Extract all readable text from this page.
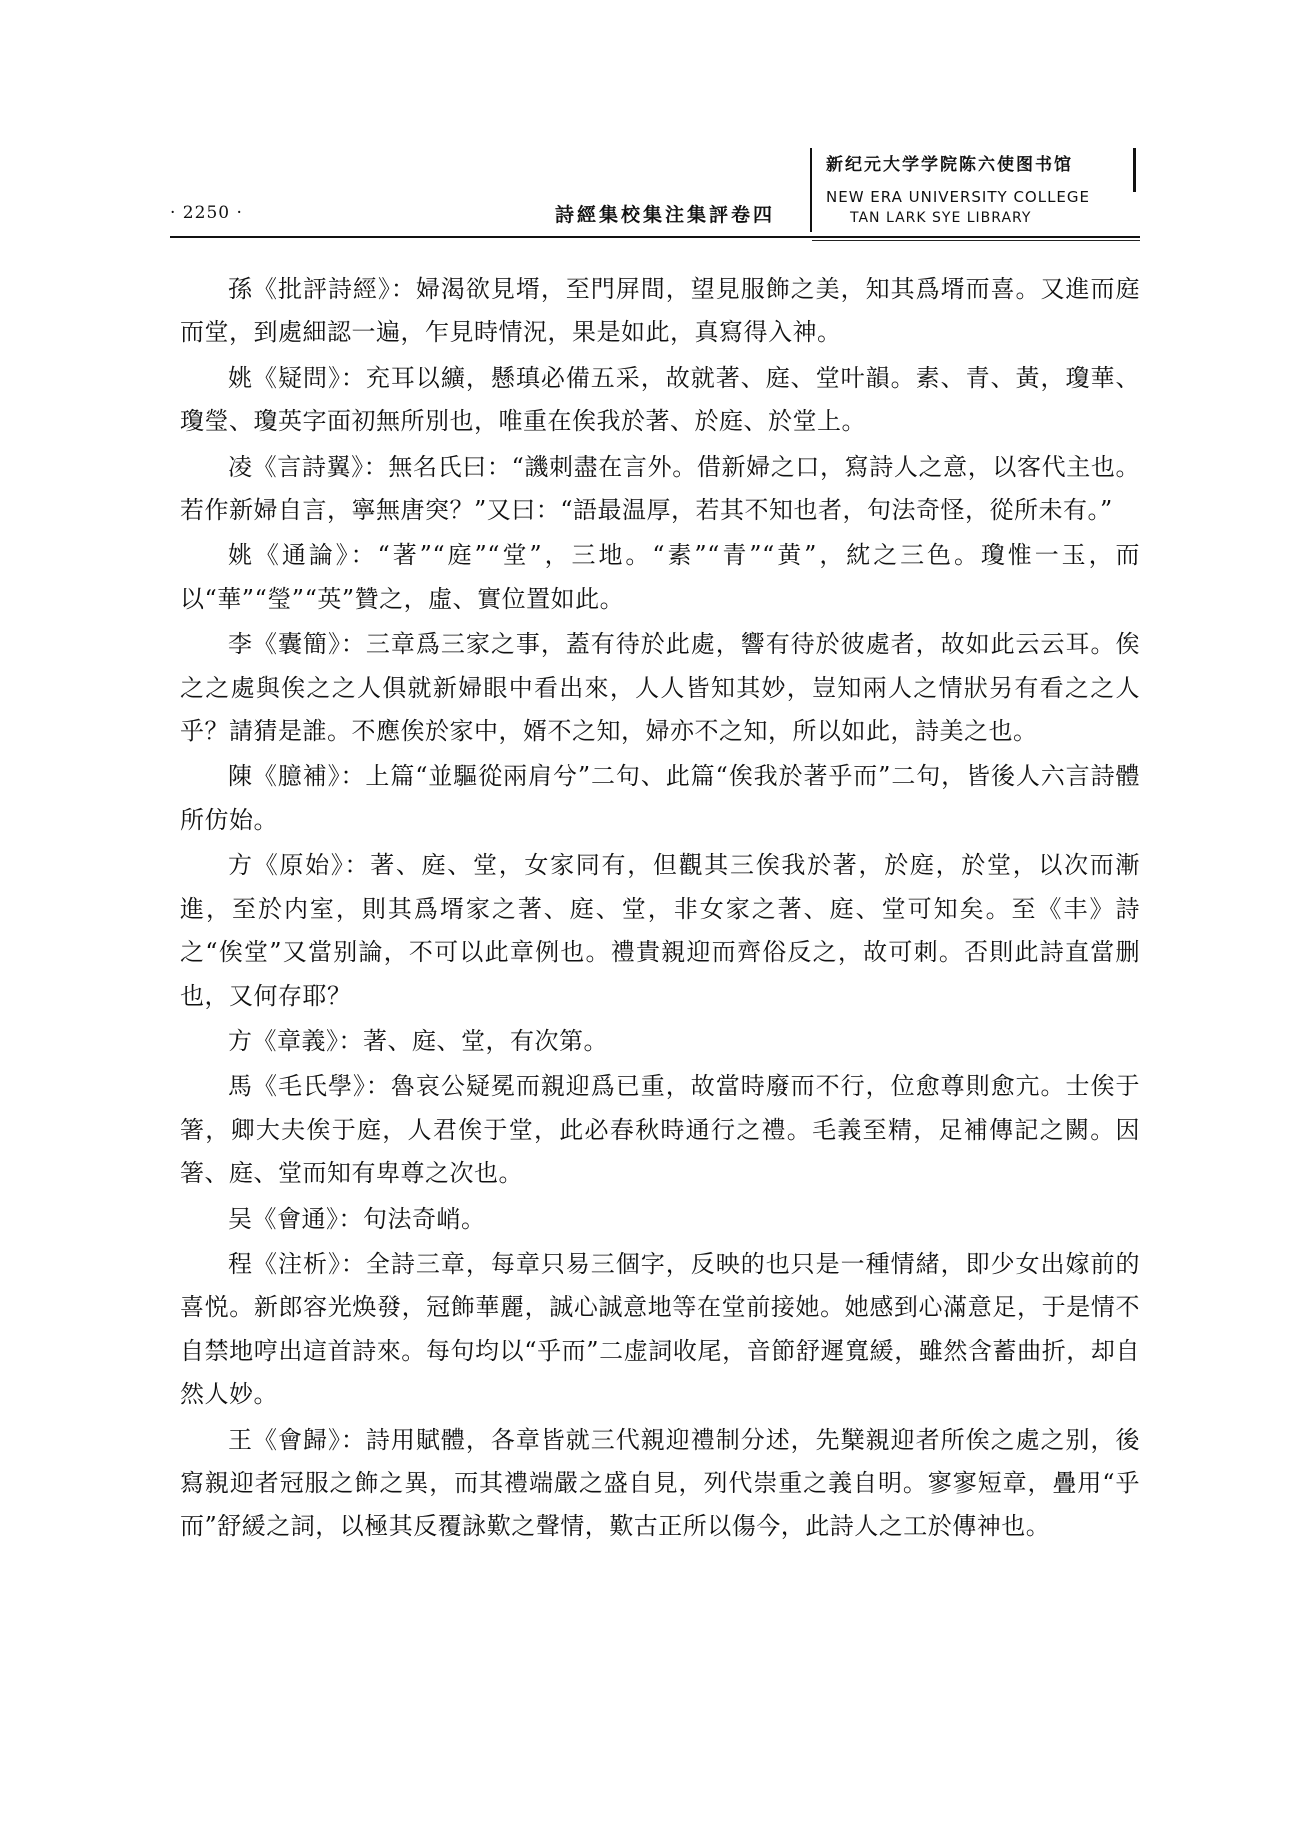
· 2250 ·	詩經集校集注集評卷四
新纪元大学学院陈六使图书馆
NEW ERA UNIVERSITY COLLEGE
TAN LARK SYE LIBRARY

孫《批評詩經》：婦渴欲見壻，至門屏間，望見服飾之美，知其爲壻而喜。又進而庭而堂，到處細認一遍，乍見時情況，果是如此，真寫得入神。

姚《疑問》：充耳以纊，懸瑱必備五采，故就著、庭、堂叶韻。素、青、黃，瓊華、瓊瑩、瓊英字面初無所別也，唯重在俟我於著、於庭、於堂上。

凌《言詩翼》：無名氏曰：“譏刺盡在言外。借新婦之口，寫詩人之意，以客代主也。若作新婦自言，寧無唐突？”又曰：“語最温厚，若其不知也者，句法奇怪，從所未有。”

姚《通論》：“著”“庭”“堂”，三地。“素”“青”“黄”，紞之三色。瓊惟一玉，而以“華”“瑩”“英”贊之，虛、實位置如此。

李《囊簡》：三章爲三家之事，蓋有待於此處，響有待於彼處者，故如此云云耳。俟之之處與俟之之人俱就新婦眼中看出來，人人皆知其妙，豈知兩人之情狀另有看之之人乎？請猜是誰。不應俟於家中，婿不之知，婦亦不之知，所以如此，詩美之也。

陳《臆補》：上篇“並驅從兩肩兮”二句、此篇“俟我於著乎而”二句，皆後人六言詩體所仿始。

方《原始》：著、庭、堂，女家同有，但觀其三俟我於著，於庭，於堂，以次而漸進，至於内室，則其爲壻家之著、庭、堂，非女家之著、庭、堂可知矣。至《丰》詩之“俟堂”又當别論，不可以此章例也。禮貴親迎而齊俗反之，故可刺。否則此詩直當删也，又何存耶？

方《章義》：著、庭、堂，有次第。

馬《毛氏學》：魯哀公疑冕而親迎爲已重，故當時廢而不行，位愈尊則愈亢。士俟于箸，卿大夫俟于庭，人君俟于堂，此必春秋時通行之禮。毛義至精，足補傳記之闕。因箸、庭、堂而知有卑尊之次也。

吴《會通》：句法奇峭。

程《注析》：全詩三章，每章只易三個字，反映的也只是一種情緒，即少女出嫁前的喜悦。新郎容光焕發，冠飾華麗，誠心誠意地等在堂前接她。她感到心滿意足，于是情不自禁地哼出這首詩來。每句均以“乎而”二虚詞收尾，音節舒遲寬緩，雖然含蓄曲折，却自然人妙。

王《會歸》：詩用賦體，各章皆就三代親迎禮制分述，先櫱親迎者所俟之處之别，後寫親迎者冠服之飾之異，而其禮端嚴之盛自見，列代崇重之義自明。寥寥短章，疊用“乎而”舒緩之詞，以極其反覆詠歎之聲情，歎古正所以傷今，此詩人之工於傳神也。
